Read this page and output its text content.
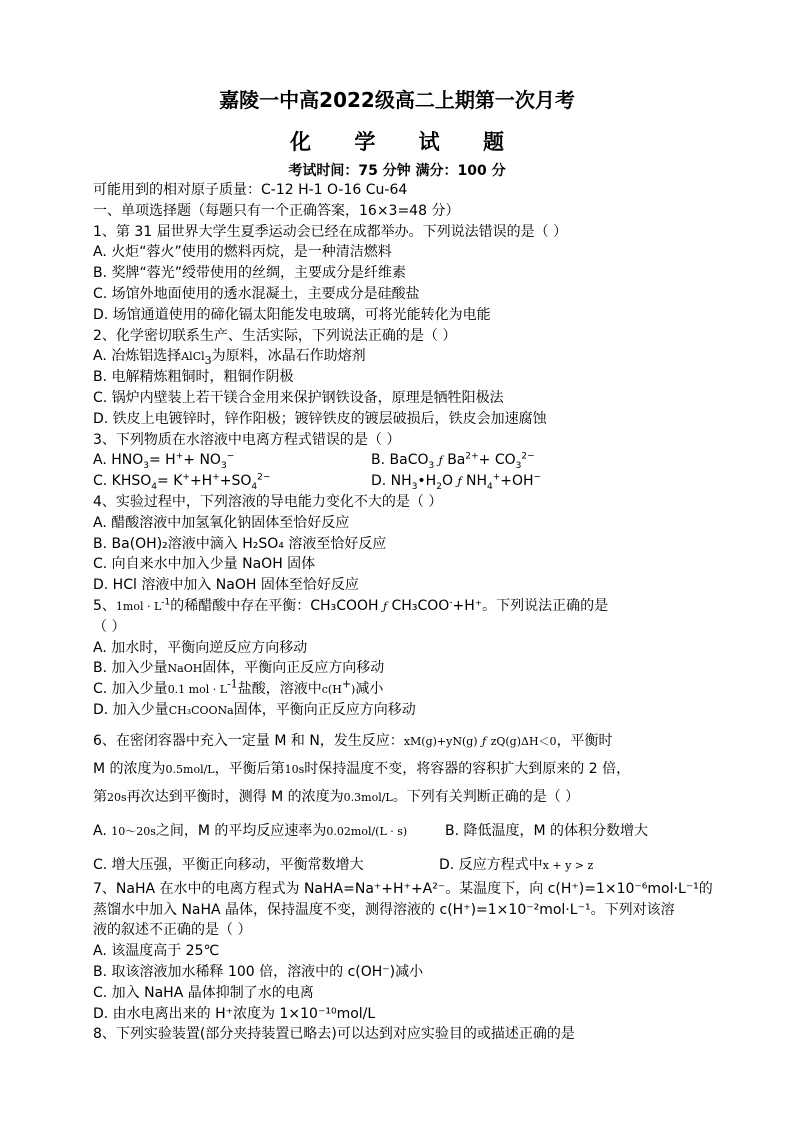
嘉陵一中高2022级高二上期第一次月考
化 学 试 题
考试时间：75 分钟 满分：100 分
可能用到的相对原子质量：C-12 H-1 O-16 Cu-64
一、单项选择题（每题只有一个正确答案，16×3=48 分）
1、第 31 届世界大学生夏季运动会已经在成都举办。下列说法错误的是（ ）
A. 火炬“蓉火”使用的燃料丙烷，是一种清洁燃料
B. 奖牌“蓉光”绶带使用的丝绸，主要成分是纤维素
C. 场馆外地面使用的透水混凝土，主要成分是硅酸盐
D. 场馆通道使用的碲化镉太阳能发电玻璃，可将光能转化为电能
2、化学密切联系生产、生活实际，下列说法正确的是（ ）
A. 冶炼铝选择AlCl$_3$为原料，冰晶石作助熔剂
B. 电解精炼粗铜时，粗铜作阴极
C. 锅炉内壁装上若干镁合金用来保护钢铁设备，原理是牺牲阳极法
D. 铁皮上电镀锌时，锌作阳极；镀锌铁皮的镀层破损后，铁皮会加速腐蚀
3、下列物质在水溶液中电离方程式错误的是（ ）
A. $HNO_3= H^++ NO_3^-$	B. BaCO$_3$ ƒ $Ba^{2+}+ CO_3^{2-}$
C. $KHSO_4= K^++H^++SO_4^{2-}$	D. $NH_3•H_2O$ ƒ $NH_4^++OH^-$
4、实验过程中，下列溶液的导电能力变化不大的是（ ）
A. 醋酸溶液中加氢氧化钠固体至恰好反应
B. Ba(OH)₂溶液中滴入 H₂SO₄ 溶液至恰好反应
C. 向自来水中加入少量 NaOH 固体
D. HCl 溶液中加入 NaOH 固体至恰好反应
5、$1mol \cdot L^{-1}$的稀醋酸中存在平衡：CH₃COOH ƒ CH₃COO-+H⁺。下列说法正确的是
（ ）
A. 加水时，平衡向逆反应方向移动
B. 加入少量NaOH固体，平衡向正反应方向移动
C. 加入少量0.1 mol · $L^{-1}$盐酸，溶液中c(H+)减小
D. 加入少量CH₃COONa固体，平衡向正反应方向移动
6、在密闭容器中充入一定量 M 和 N，发生反应：xM(g)+yN(g) ƒ zQ(g)ΔH＜0，平衡时
M 的浓度为0.5mol/L，平衡后第10s时保持温度不变，将容器的容积扩大到原来的 2 倍，
第20s再次达到平衡时，测得 M 的浓度为0.3mol/L。下列有关判断正确的是（ ）
A. 10～20s之间，M 的平均反应速率为0.02mol/(L · s)	B. 降低温度，M 的体积分数增大
C. 增大压强，平衡正向移动，平衡常数增大	D. 反应方程式中x + y > z
7、NaHA 在水中的电离方程式为 NaHA=Na⁺+H⁺+A²⁻。某温度下，向 c(H⁺)=1×10⁻⁶mol·L⁻¹的
蒸馏水中加入 NaHA 晶体，保持温度不变，测得溶液的 c(H⁺)=1×10⁻²mol·L⁻¹。下列对该溶
液的叙述不正确的是（ ）
A. 该温度高于 25℃
B. 取该溶液加水稀释 100 倍，溶液中的 c(OH⁻)减小
C. 加入 NaHA 晶体抑制了水的电离
D. 由水电离出来的 H⁺浓度为 1×10⁻¹⁰mol/L
8、下列实验装置(部分夹持装置已略去)可以达到对应实验目的或描述正确的是
